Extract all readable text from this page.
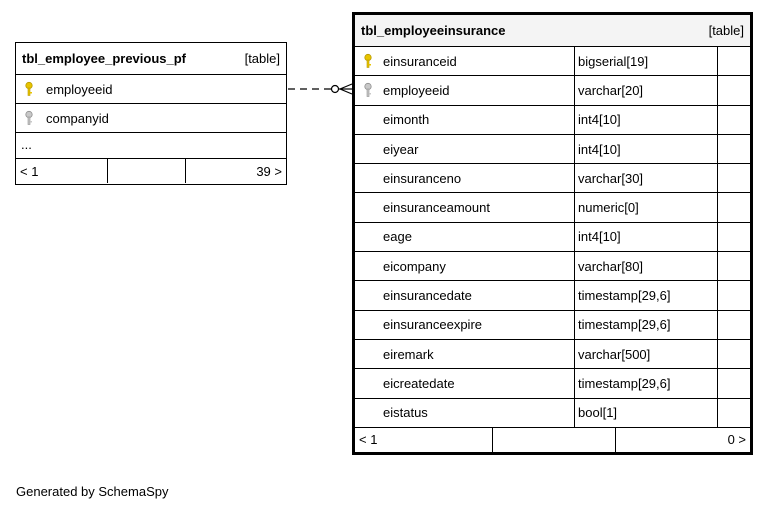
tbl_employee_previous_pf	[table]
employeeid
companyid
...
< 1	39 >
tbl_employeeinsurance	[table]
einsuranceid	bigserial[19]
employeeid	varchar[20]
eimonth	int4[10]
eiyear	int4[10]
einsuranceno	varchar[30]
einsuranceamount	numeric[0]
eage	int4[10]
eicompany	varchar[80]
einsurancedate	timestamp[29,6]
einsuranceexpire	timestamp[29,6]
eiremark	varchar[500]
eicreatedate	timestamp[29,6]
eistatus	bool[1]
< 1	0 >
Generated by SchemaSpy
